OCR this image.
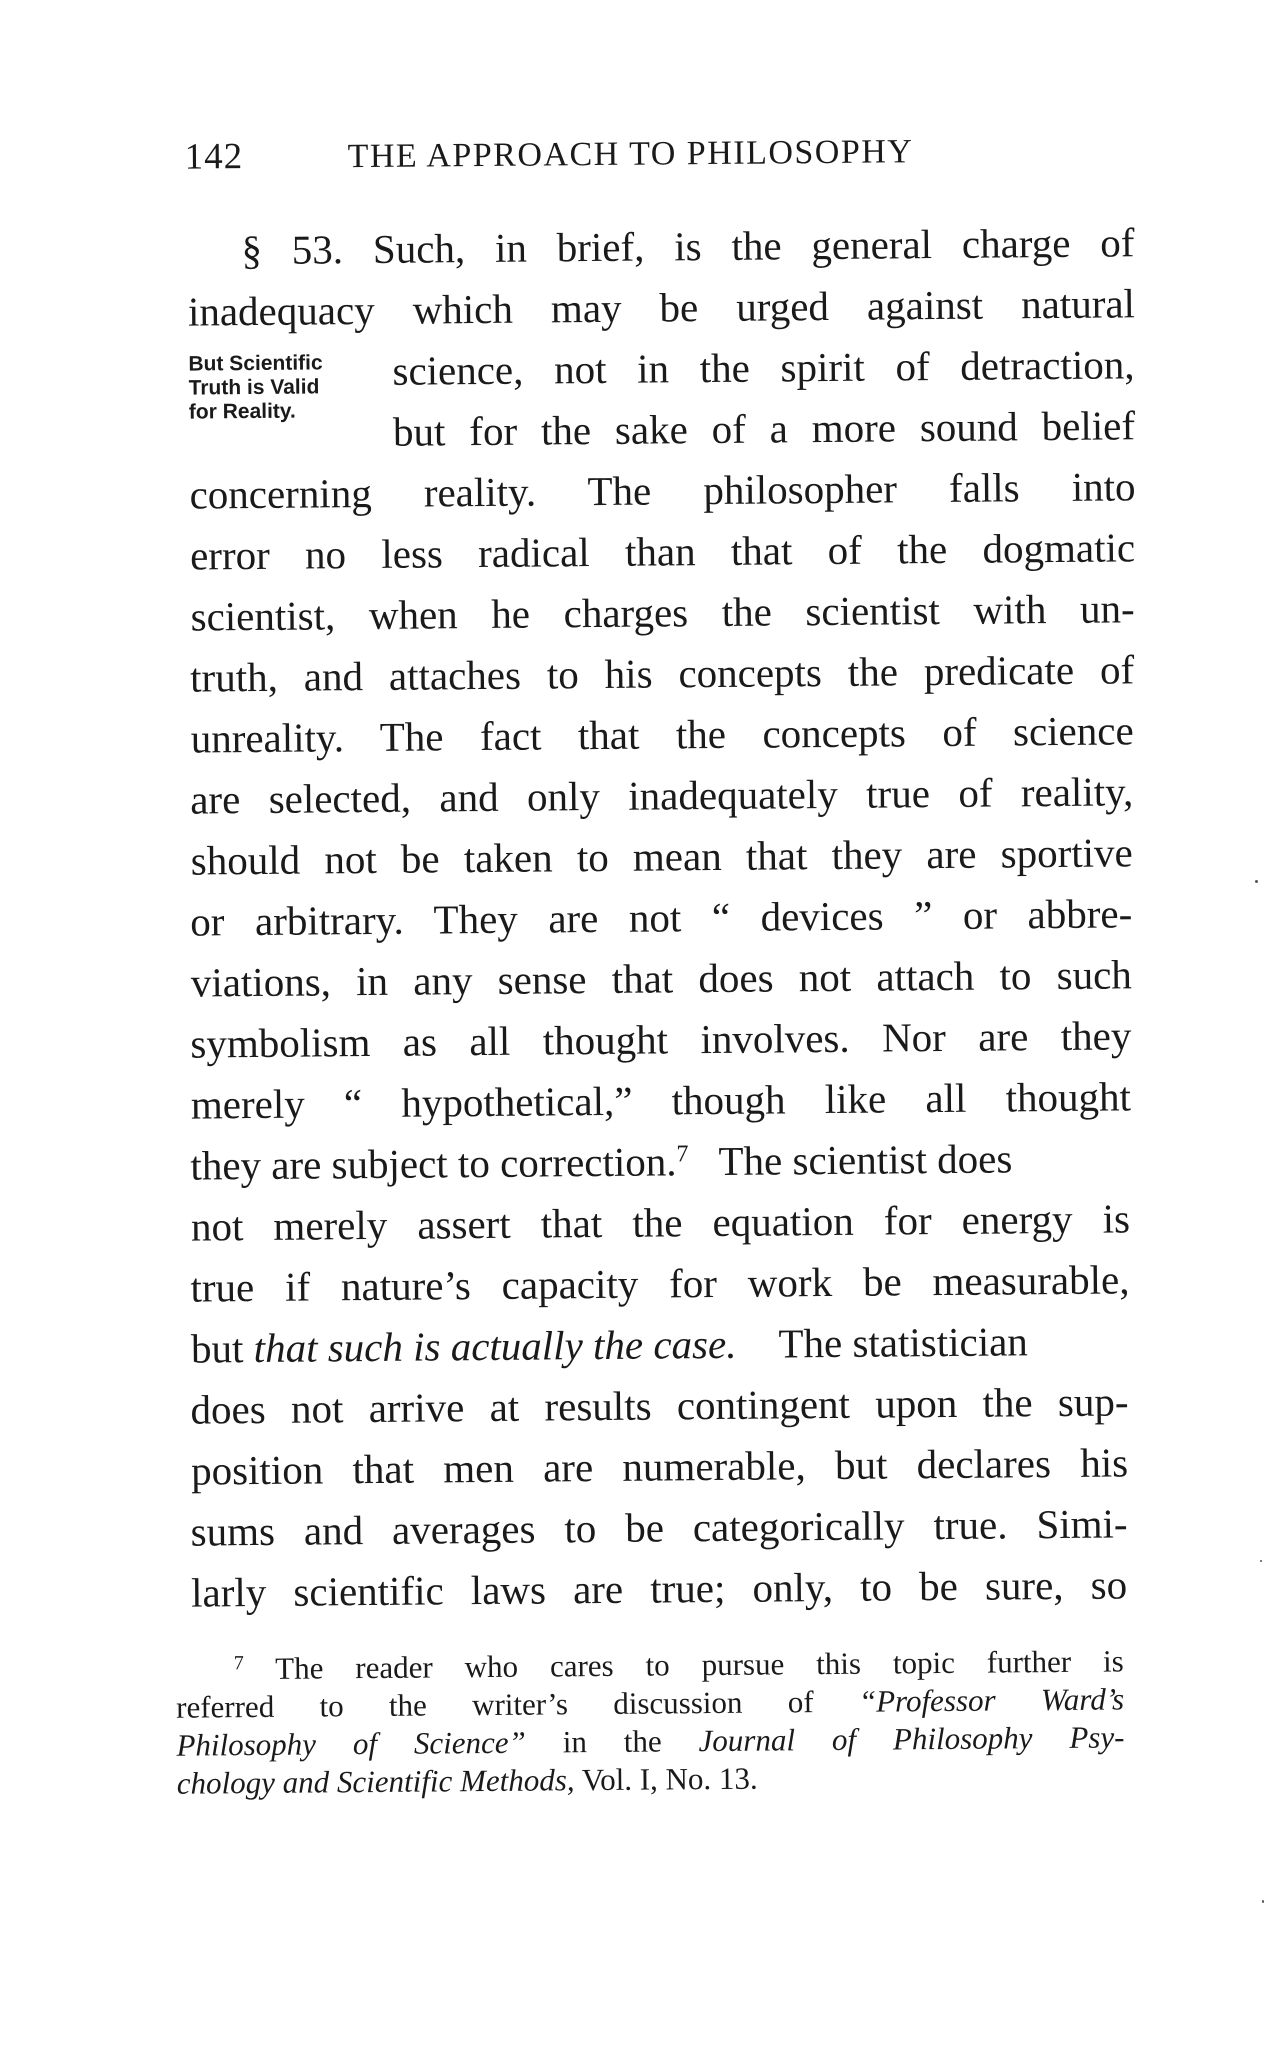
142	THE APPROACH TO PHILOSOPHY
But Scientific
Truth is Valid
for Reality.
§ 53. Such, in brief, is the general charge of
inadequacy which may be urged against natural
science, not in the spirit of detraction,
but for the sake of a more sound belief
concerning reality. The philosopher falls into
error no less radical than that of the dogmatic
scientist, when he charges the scientist with un-
truth, and attaches to his concepts the predicate of
unreality. The fact that the concepts of science
are selected, and only inadequately true of reality,
should not be taken to mean that they are sportive
or arbitrary. They are not “ devices ” or abbre-
viations, in any sense that does not attach to such
symbolism as all thought involves. Nor are they
merely “ hypothetical,” though like all thought
they are subject to correction.$^7$ The scientist does
not merely assert that the equation for energy is
true if nature’s capacity for work be measurable,
but that such is actually the case. The statistician
does not arrive at results contingent upon the sup-
position that men are numerable, but declares his
sums and averages to be categorically true. Simi-
larly scientific laws are true; only, to be sure, so
$^7$ The reader who cares to pursue this topic further is
referred to the writer’s discussion of “Professor Ward’s
Philosophy of Science” in the Journal of Philosophy Psy-
chology and Scientific Methods, Vol. I, No. 13.
